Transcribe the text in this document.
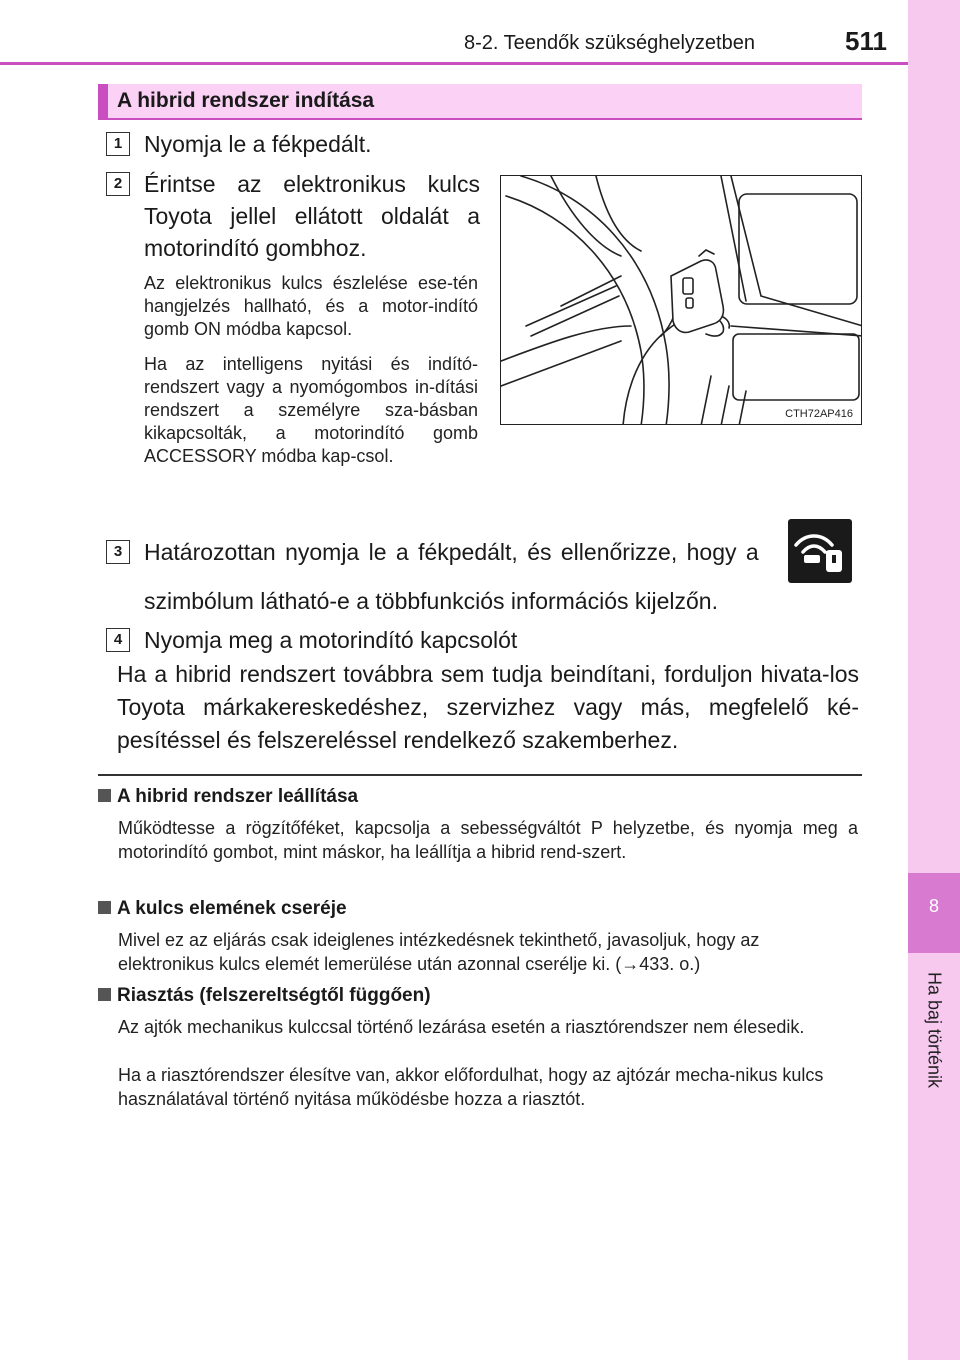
8
Ha baj történik
8-2. Teendők szükséghelyzetben	511
A hibrid rendszer indítása
1 Nyomja le a fékpedált.
2 Érintse az elektronikus kulcs Toyota jellel ellátott oldalát a motorindító gombhoz.
Az elektronikus kulcs észlelése ese-tén hangjelzés hallható, és a motor-indító gomb ON módba kapcsol.
Ha az intelligens nyitási és indító-rendszert vagy a nyomógombos in-dítási rendszert a személyre sza-básban kikapcsolták, a motorindító gomb ACCESSORY módba kap-csol.
CTH72AP416
3 Határozottan nyomja le a fékpedált, és ellenőrizze, hogy a
szimbólum látható-e a többfunkciós információs kijelzőn.
4 Nyomja meg a motorindító kapcsolót
Ha a hibrid rendszert továbbra sem tudja beindítani, forduljon hivata-los Toyota márkakereskedéshez, szervizhez vagy más, megfelelő ké-pesítéssel és felszereléssel rendelkező szakemberhez.
A hibrid rendszer leállítása
Működtesse a rögzítőféket, kapcsolja a sebességváltót P helyzetbe, és nyomja meg a motorindító gombot, mint máskor, ha leállítja a hibrid rend-szert.
A kulcs elemének cseréje
Mivel ez az eljárás csak ideiglenes intézkedésnek tekinthető, javasoljuk, hogy az elektronikus kulcs elemét lemerülése után azonnal cserélje ki. (→433. o.)
Riasztás (felszereltségtől függően)
Az ajtók mechanikus kulccsal történő lezárása esetén a riasztórendszer nem élesedik.
Ha a riasztórendszer élesítve van, akkor előfordulhat, hogy az ajtózár mecha-nikus kulcs használatával történő nyitása működésbe hozza a riasztót.
